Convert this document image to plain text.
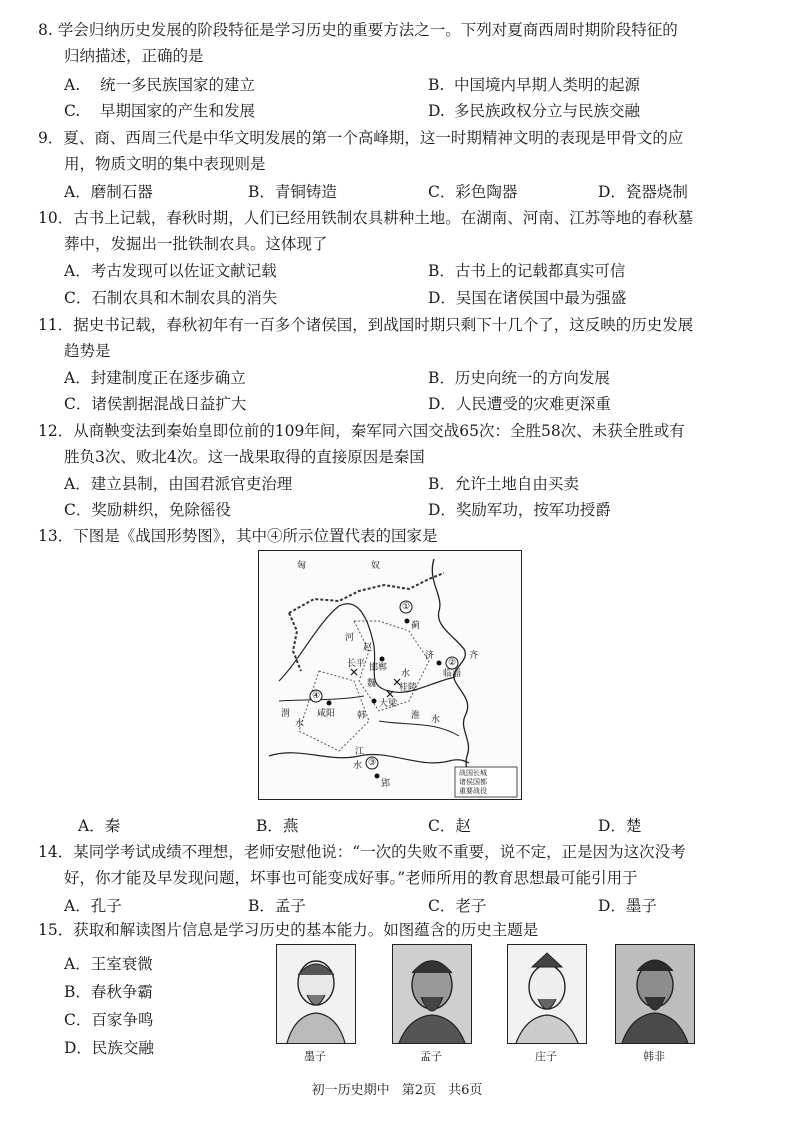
8. 学会归纳历史发展的阶段特征是学习历史的重要方法之一。下列对夏商西周时期阶段特征的
归纳描述，正确的是
A. 统一多民族国家的建立	B. 中国境内早期人类明的起源
C. 早期国家的产生和发展	D. 多民族政权分立与民族交融
9．夏、商、西周三代是中华文明发展的第一个高峰期，这一时期精神文明的表现是甲骨文的应
用，物质文明的集中表现则是
A．磨制石器	B．青铜铸造	C．彩色陶器	D．瓷器烧制
10．古书上记载，春秋时期，人们已经用铁制农具耕种土地。在湖南、河南、江苏等地的春秋墓
葬中，发掘出一批铁制农具。这体现了
A．考古发现可以佐证文献记载	B．古书上的记载都真实可信
C．石制农具和木制农具的消失	D．吴国在诸侯国中最为强盛
11．据史书记载，春秋初年有一百多个诸侯国，到战国时期只剩下十几个了，这反映的历史发展
趋势是
A．封建制度正在逐步确立	B．历史向统一的方向发展
C．诸侯割据混战日益扩大	D．人民遭受的灾难更深重
12．从商鞅变法到秦始皇即位前的109年间，秦军同六国交战65次：全胜58次、未获全胜或有
胜负3次、败北4次。这一战果取得的直接原因是秦国
A．建立县制，由国君派官吏治理	B．允许土地自由买卖
C．奖励耕织，免除徭役	D．奖励军功，按军功授爵
13．下图是《战国形势图》，其中④所示位置代表的国家是
匈	奴
河
赵
济
长平 邯郸
齐
临淄
水
魏	桂陵
大梁
韩
咸阳
渭
水
江
水
淮 水
郢
①
②
③
④
蓟
战国长城
诸侯国都
重要战役
A．秦	B．燕	C．赵	D．楚
14．某同学考试成绩不理想，老师安慰他说：“一次的失败不重要，说不定，正是因为这次没考
好，你才能及早发现问题，坏事也可能变成好事。”老师所用的教育思想最可能引用于
A．孔子	B．孟子	C．老子	D．墨子
15．获取和解读图片信息是学习历史的基本能力。如图蕴含的历史主题是
A．王室衰微
B．春秋争霸
C．百家争鸣
D．民族交融	墨子	孟子	庄子	韩非
初一历史期中 第2页 共6页
